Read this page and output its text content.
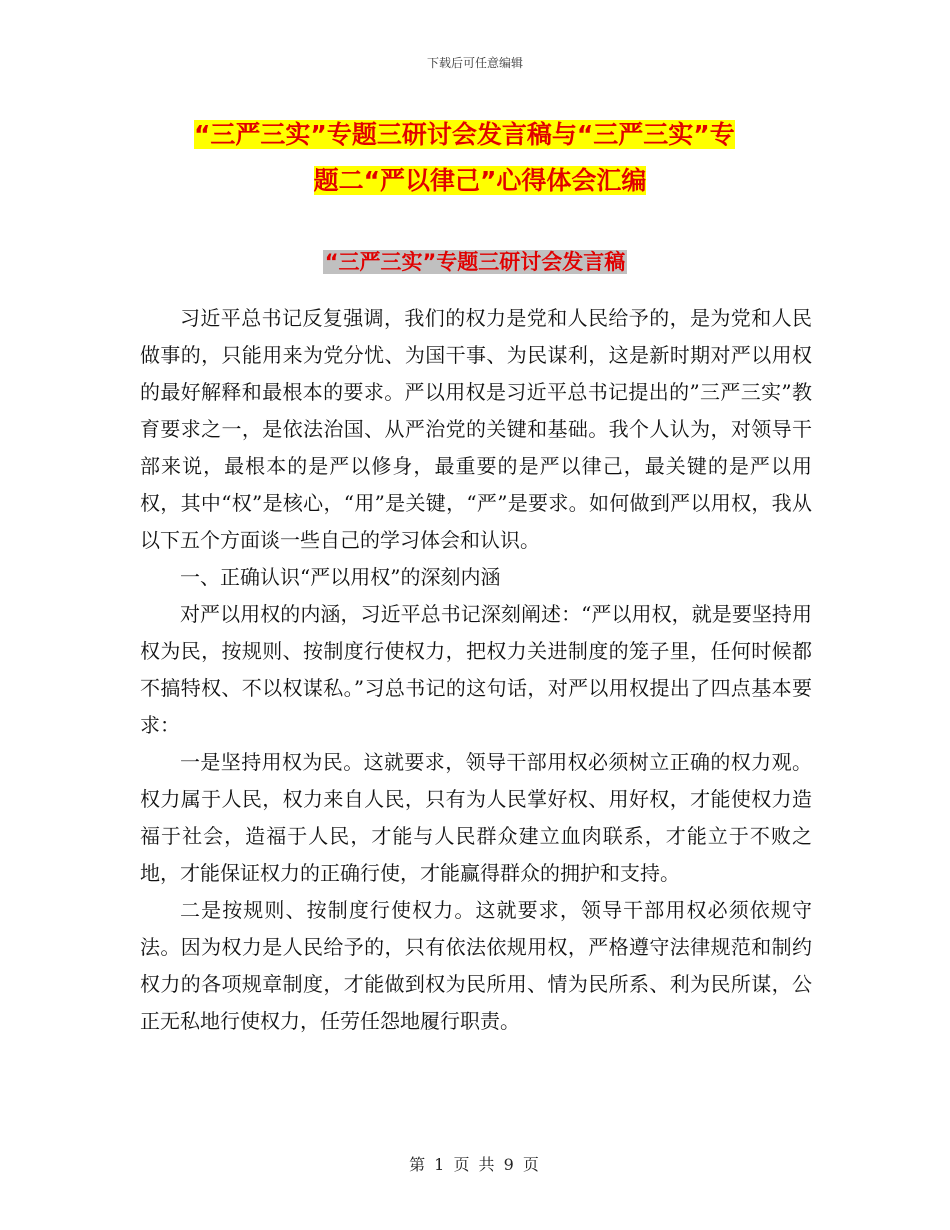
下载后可任意编辑
“三严三实”专题三研讨会发言稿与“三严三实”专
题二“严以律己”心得体会汇编
“三严三实”专题三研讨会发言稿

习近平总书记反复强调，我们的权力是党和人民给予的，是为党和人民做事的，只能用来为党分忧、为国干事、为民谋利，这是新时期对严以用权的最好解释和最根本的要求。严以用权是习近平总书记提出的”三严三实”教育要求之一，是依法治国、从严治党的关键和基础。我个人认为，对领导干部来说，最根本的是严以修身，最重要的是严以律己，最关键的是严以用权，其中“权”是核心，“用”是关键，“严”是要求。如何做到严以用权，我从以下五个方面谈一些自己的学习体会和认识。

一、正确认识“严以用权”的深刻内涵

对严以用权的内涵，习近平总书记深刻阐述：“严以用权，就是要坚持用权为民，按规则、按制度行使权力，把权力关进制度的笼子里，任何时候都不搞特权、不以权谋私。”习总书记的这句话，对严以用权提出了四点基本要求：

一是坚持用权为民。这就要求，领导干部用权必须树立正确的权力观。权力属于人民，权力来自人民，只有为人民掌好权、用好权，才能使权力造福于社会，造福于人民，才能与人民群众建立血肉联系，才能立于不败之地，才能保证权力的正确行使，才能赢得群众的拥护和支持。

二是按规则、按制度行使权力。这就要求，领导干部用权必须依规守法。因为权力是人民给予的，只有依法依规用权，严格遵守法律规范和制约权力的各项规章制度，才能做到权为民所用、情为民所系、利为民所谋，公正无私地行使权力，任劳任怨地履行职责。

第 1 页 共 9 页
